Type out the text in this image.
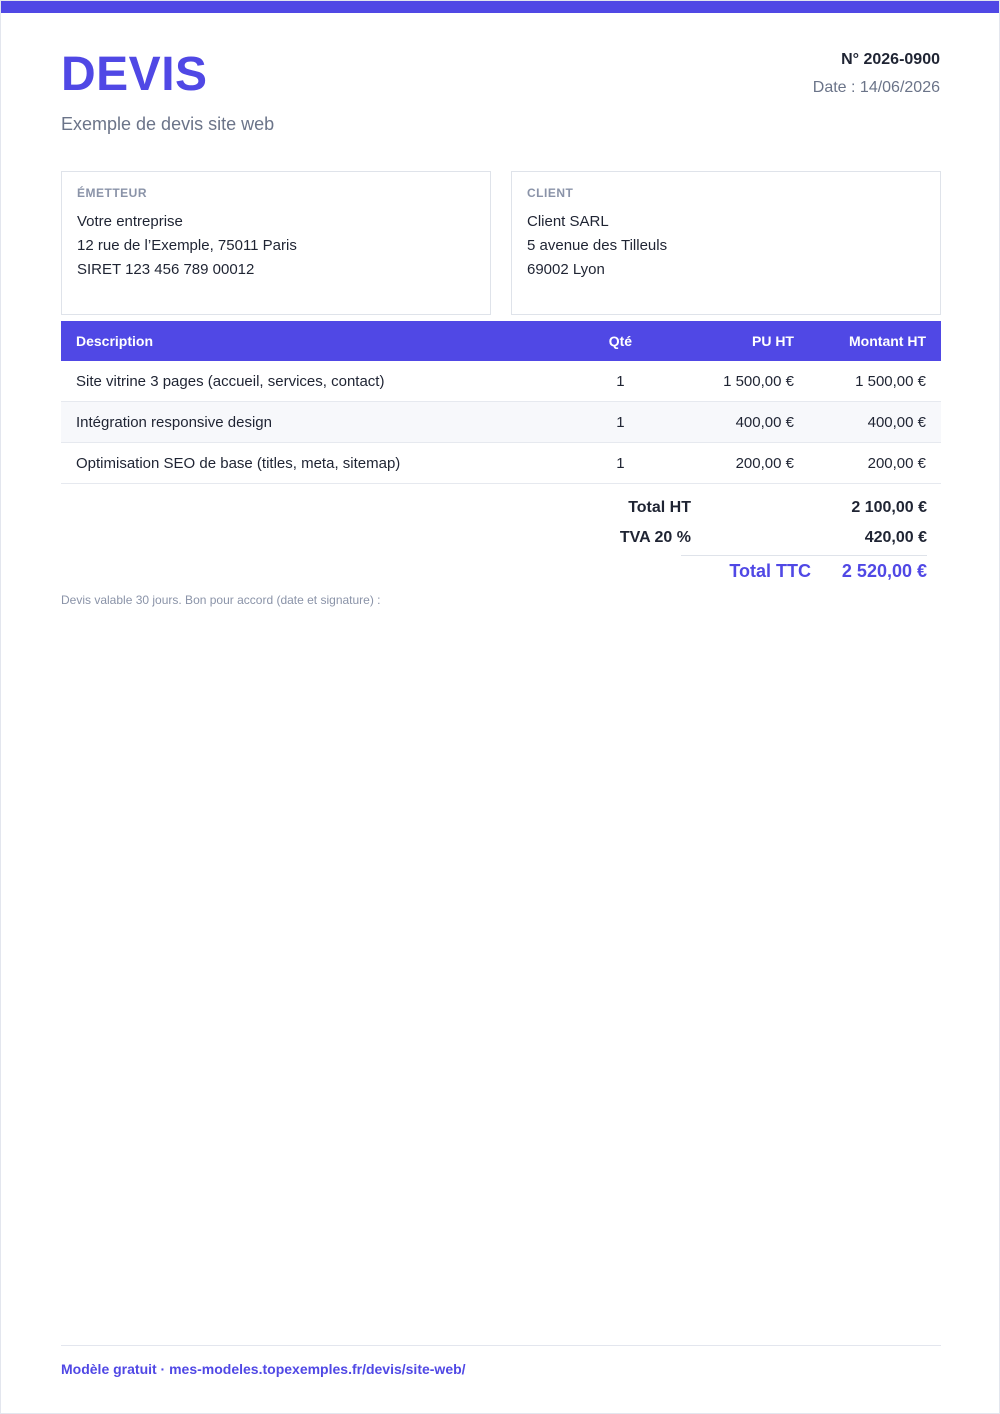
DEVIS
Exemple de devis site web
N° 2026-0900
Date : 14/06/2026
ÉMETTEUR
Votre entreprise
12 rue de l’Exemple, 75011 Paris
SIRET 123 456 789 00012
CLIENT
Client SARL
5 avenue des Tilleuls
69002 Lyon
Description	Qté	PU HT	Montant HT
Site vitrine 3 pages (accueil, services, contact)	1	1 500,00 €	1 500,00 €
Intégration responsive design	1	400,00 €	400,00 €
Optimisation SEO de base (titles, meta, sitemap)	1	200,00 €	200,00 €
Total HT	2 100,00 €
TVA 20 %	420,00 €
Total TTC 2 520,00 €
Devis valable 30 jours. Bon pour accord (date et signature) :
Modèle gratuit · mes-modeles.topexemples.fr/devis/site-web/
